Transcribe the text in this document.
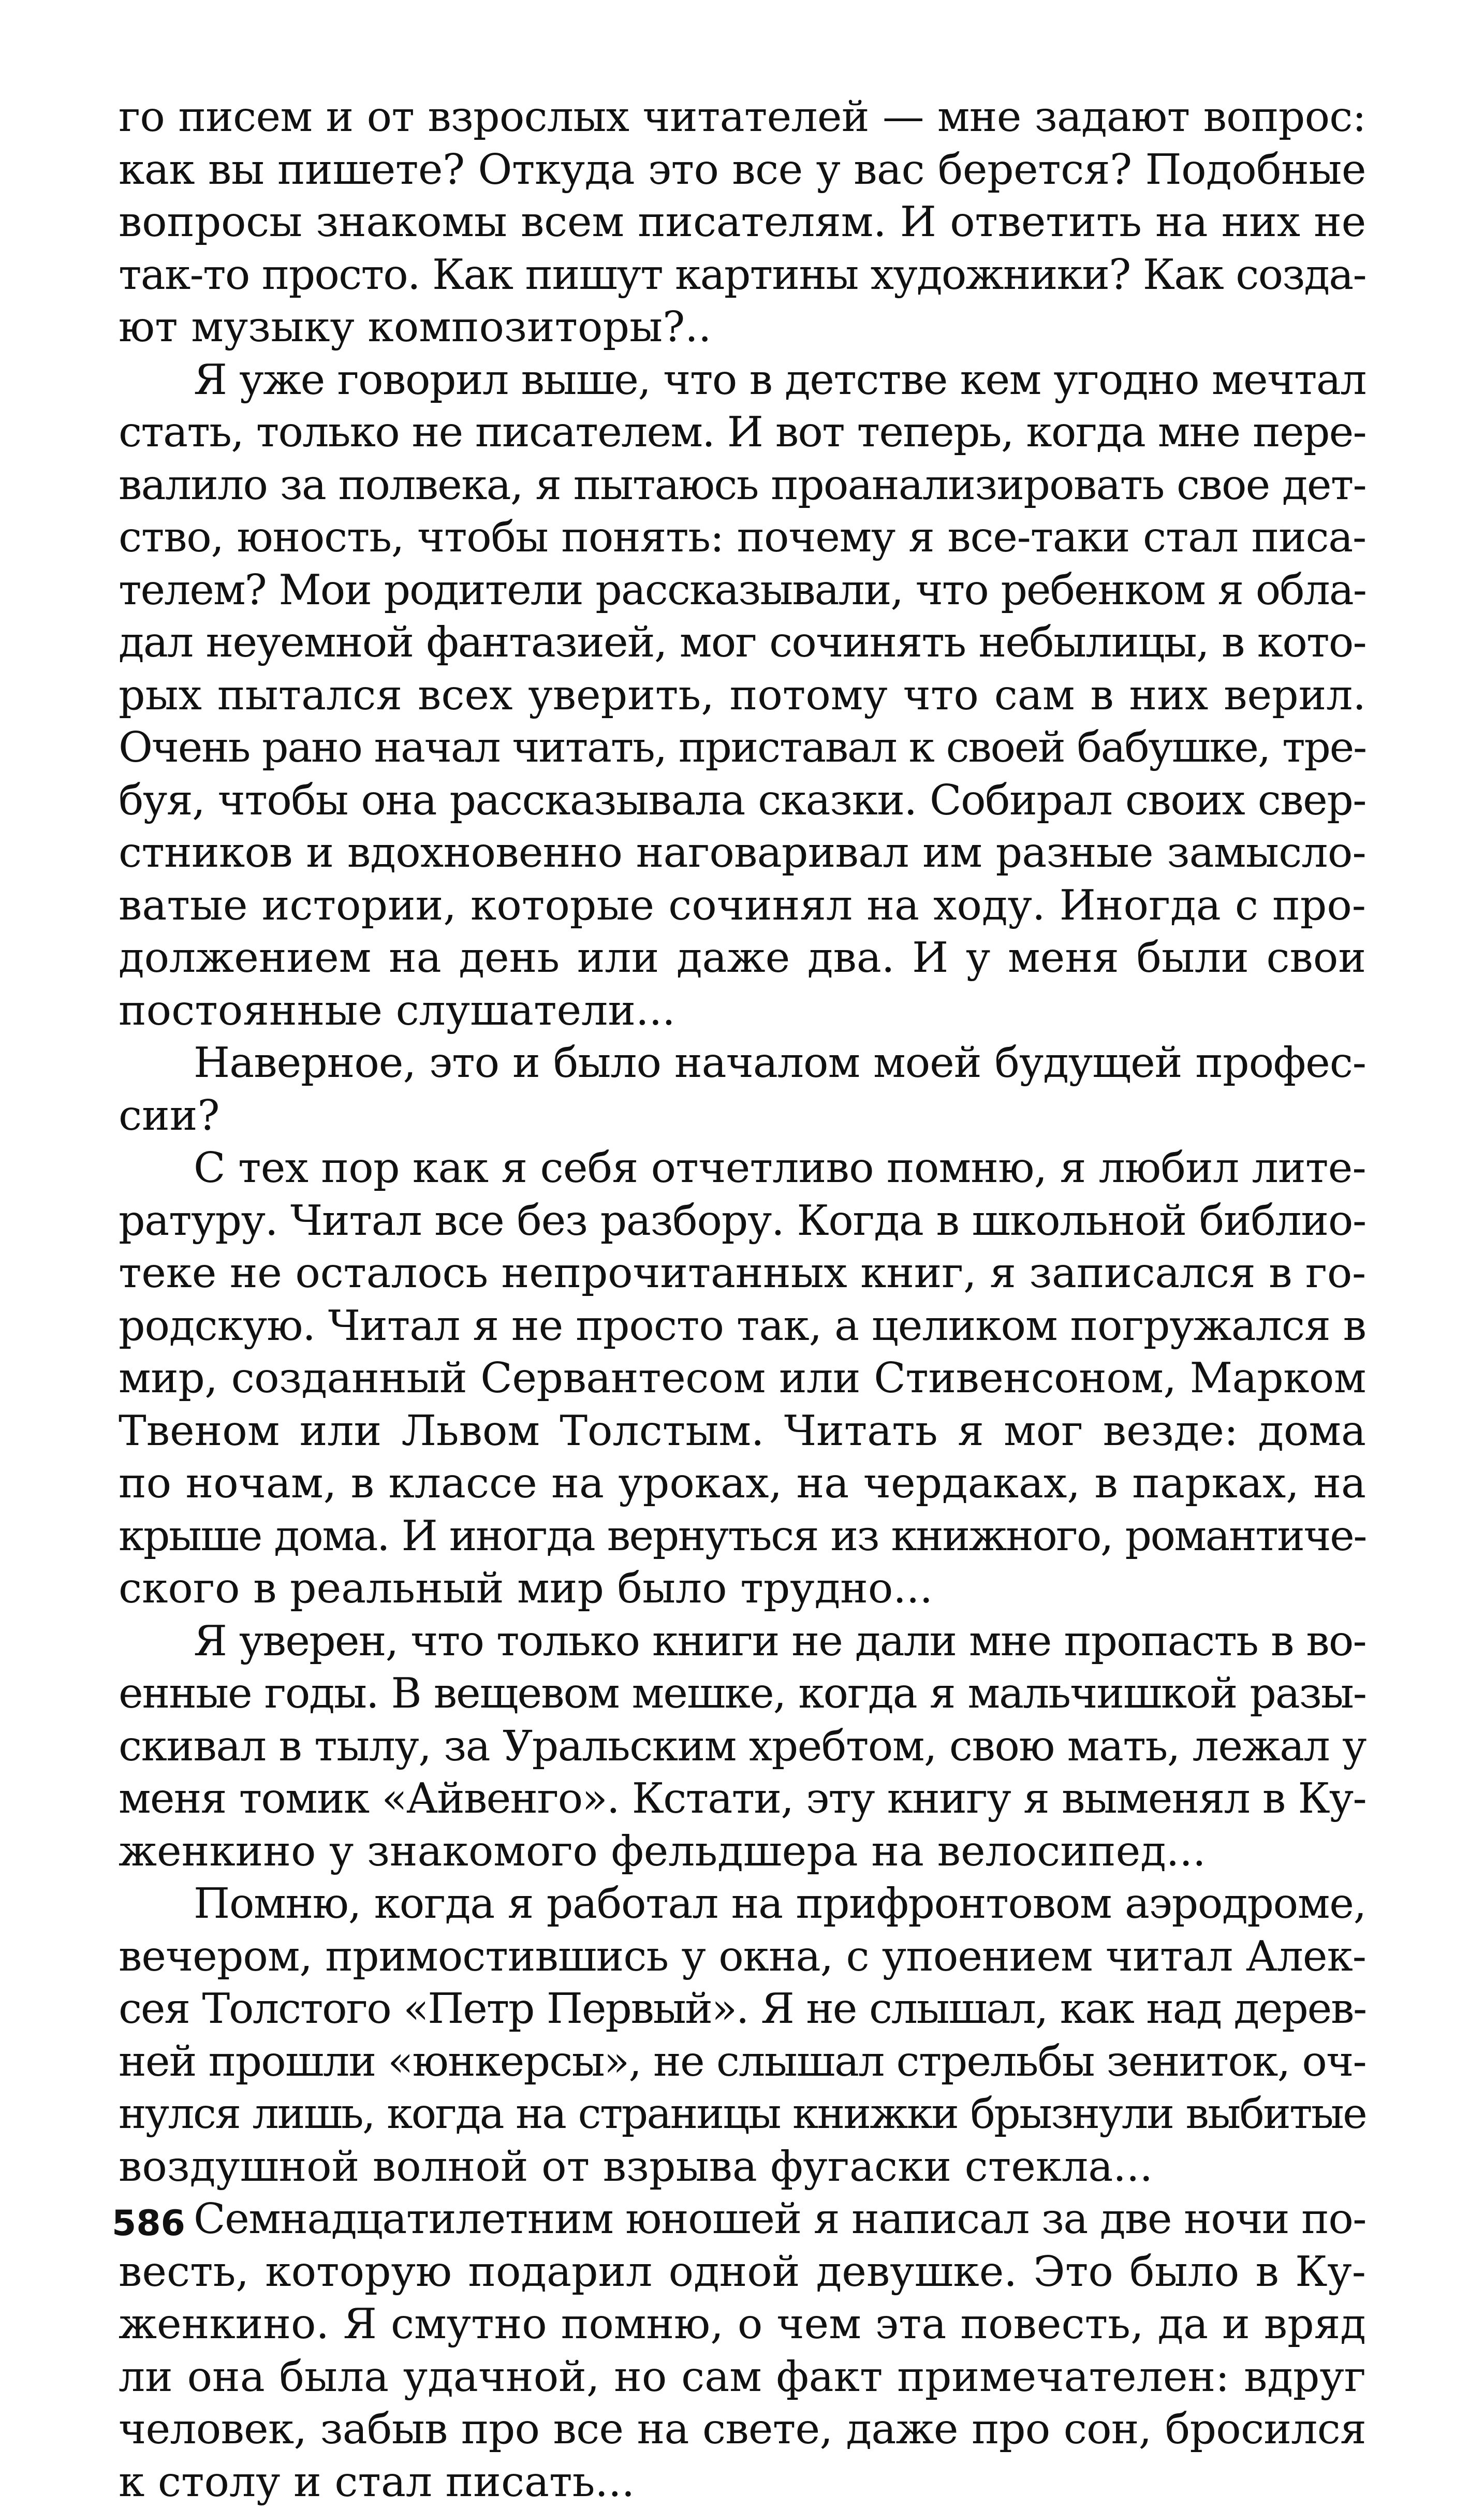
го писем и от взрослых читателей — мне задают вопрос:
как вы пишете? Откуда это все у вас берется? Подобные
вопросы знакомы всем писателям. И ответить на них не
так-то просто. Как пишут картины художники? Как созда-
ют музыку композиторы?..
Я уже говорил выше, что в детстве кем угодно мечтал
стать, только не писателем. И вот теперь, когда мне пере-
валило за полвека, я пытаюсь проанализировать свое дет-
ство, юность, чтобы понять: почему я все-таки стал писа-
телем? Мои родители рассказывали, что ребенком я обла-
дал неуемной фантазией, мог сочинять небылицы, в кото-
рых пытался всех уверить, потому что сам в них верил.
Очень рано начал читать, приставал к своей бабушке, тре-
буя, чтобы она рассказывала сказки. Собирал своих свер-
стников и вдохновенно наговаривал им разные замысло-
ватые истории, которые сочинял на ходу. Иногда с про-
должением на день или даже два. И у меня были свои
постоянные слушатели...
Наверное, это и было началом моей будущей профес-
сии?
С тех пор как я себя отчетливо помню, я любил лите-
ратуру. Читал все без разбору. Когда в школьной библио-
теке не осталось непрочитанных книг, я записался в го-
родскую. Читал я не просто так, а целиком погружался в
мир, созданный Сервантесом или Стивенсоном, Марком
Твеном или Львом Толстым. Читать я мог везде: дома
по ночам, в классе на уроках, на чердаках, в парках, на
крыше дома. И иногда вернуться из книжного, романтиче-
ского в реальный мир было трудно...
Я уверен, что только книги не дали мне пропасть в во-
енные годы. В вещевом мешке, когда я мальчишкой разы-
скивал в тылу, за Уральским хребтом, свою мать, лежал у
меня томик «Айвенго». Кстати, эту книгу я выменял в Ку-
женкино у знакомого фельдшера на велосипед...
Помню, когда я работал на прифронтовом аэродроме,
вечером, примостившись у окна, с упоением читал Алек-
сея Толстого «Петр Первый». Я не слышал, как над дерев-
ней прошли «юнкерсы», не слышал стрельбы зениток, оч-
нулся лишь, когда на страницы книжки брызнули выбитые
воздушной волной от взрыва фугаски стекла...
Семнадцатилетним юношей я написал за две ночи по-
весть, которую подарил одной девушке. Это было в Ку-
женкино. Я смутно помню, о чем эта повесть, да и вряд
ли она была удачной, но сам факт примечателен: вдруг
человек, забыв про все на свете, даже про сон, бросился
к столу и стал писать...
586
